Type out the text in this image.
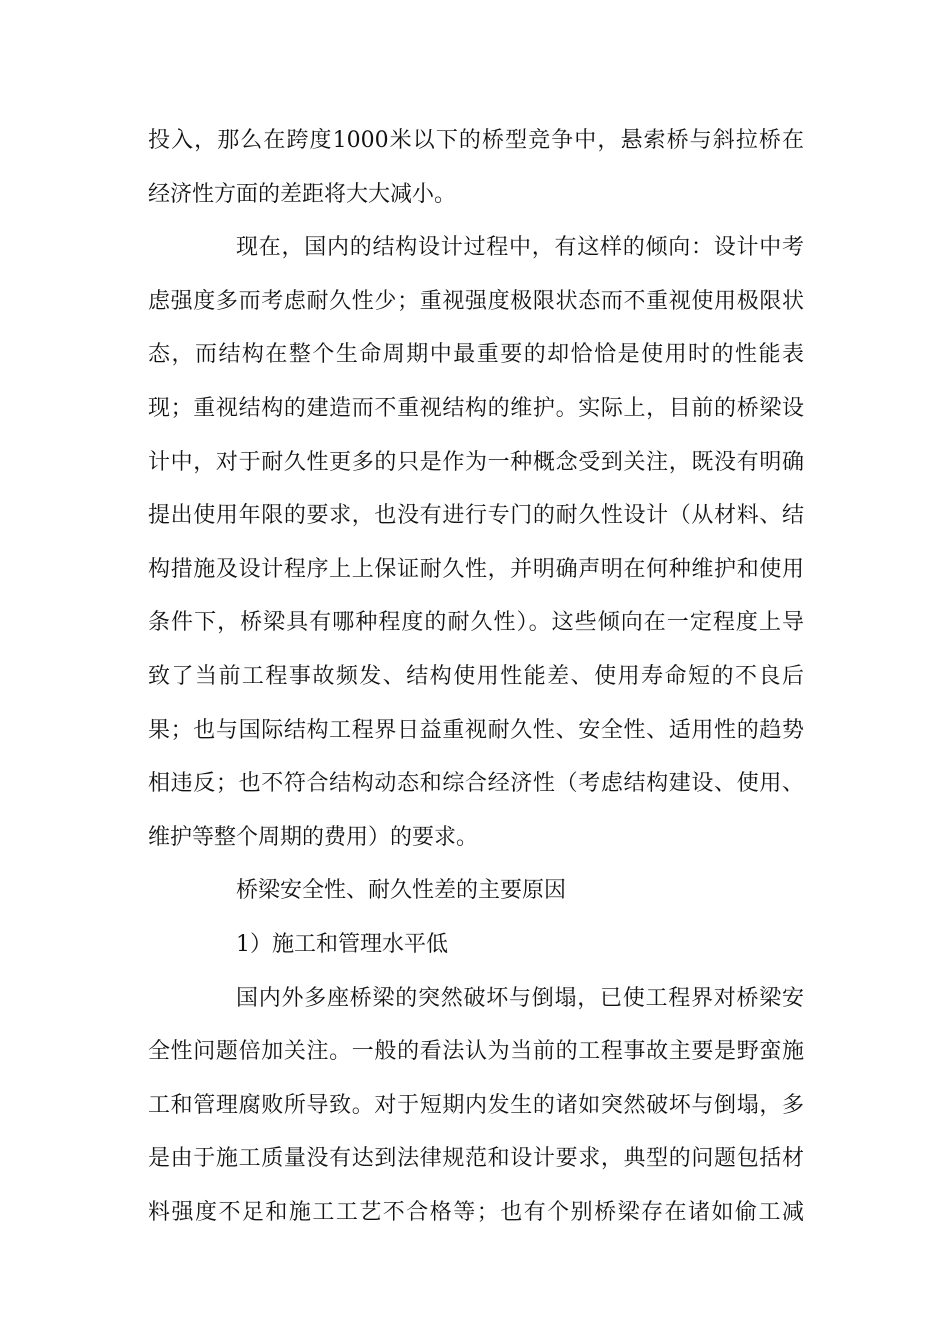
投入，那么在跨度1000米以下的桥型竞争中，悬索桥与斜拉桥在
经济性方面的差距将大大减小。
现在，国内的结构设计过程中，有这样的倾向：设计中考
虑强度多而考虑耐久性少；重视强度极限状态而不重视使用极限状
态，而结构在整个生命周期中最重要的却恰恰是使用时的性能表
现；重视结构的建造而不重视结构的维护。实际上，目前的桥梁设
计中，对于耐久性更多的只是作为一种概念受到关注，既没有明确
提出使用年限的要求，也没有进行专门的耐久性设计（从材料、结
构措施及设计程序上上保证耐久性，并明确声明在何种维护和使用
条件下，桥梁具有哪种程度的耐久性）。这些倾向在一定程度上导
致了当前工程事故频发、结构使用性能差、使用寿命短的不良后
果；也与国际结构工程界日益重视耐久性、安全性、适用性的趋势
相违反；也不符合结构动态和综合经济性（考虑结构建设、使用、
维护等整个周期的费用）的要求。
桥梁安全性、耐久性差的主要原因
1）施工和管理水平低
国内外多座桥梁的突然破坏与倒塌，已使工程界对桥梁安
全性问题倍加关注。一般的看法认为当前的工程事故主要是野蛮施
工和管理腐败所导致。对于短期内发生的诸如突然破坏与倒塌，多
是由于施工质量没有达到法律规范和设计要求，典型的问题包括材
料强度不足和施工工艺不合格等；也有个别桥梁存在诸如偷工减
